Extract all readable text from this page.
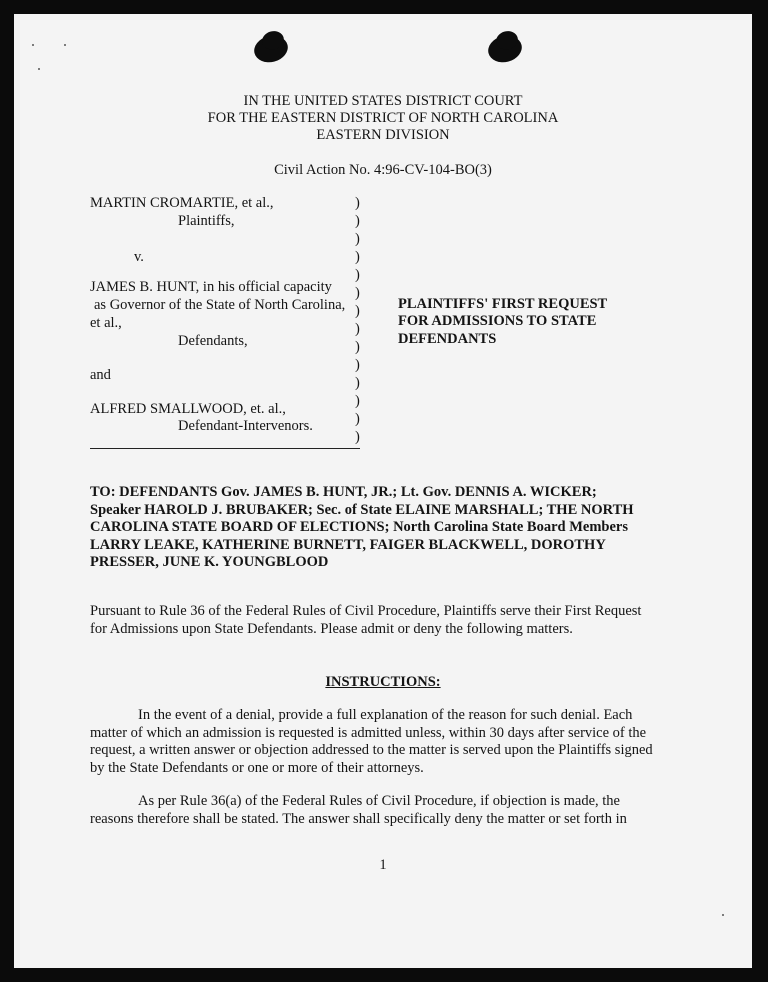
IN THE UNITED STATES DISTRICT COURT
FOR THE EASTERN DISTRICT OF NORTH CAROLINA
EASTERN DIVISION
Civil Action No. 4:96-CV-104-BO(3)
MARTIN CROMARTIE, et al.,
Plaintiffs,
v.
JAMES B. HUNT, in his official capacity
as Governor of the State of North Carolina,
et al.,
Defendants,
and
ALFRED SMALLWOOD, et. al.,
Defendant-Intervenors.
)
)
)
)
)
)
)
)
)
)
)
)
)
)
PLAINTIFFS' FIRST REQUEST
FOR ADMISSIONS TO STATE
DEFENDANTS
TO: DEFENDANTS Gov. JAMES B. HUNT, JR.; Lt. Gov. DENNIS A. WICKER;
Speaker HAROLD J. BRUBAKER; Sec. of State ELAINE MARSHALL; THE NORTH
CAROLINA STATE BOARD OF ELECTIONS; North Carolina State Board Members
LARRY LEAKE, KATHERINE BURNETT, FAIGER BLACKWELL, DOROTHY
PRESSER, JUNE K. YOUNGBLOOD
Pursuant to Rule 36 of the Federal Rules of Civil Procedure, Plaintiffs serve their First Request
for Admissions upon State Defendants. Please admit or deny the following matters.
INSTRUCTIONS:
In the event of a denial, provide a full explanation of the reason for such denial. Each
matter of which an admission is requested is admitted unless, within 30 days after service of the
request, a written answer or objection addressed to the matter is served upon the Plaintiffs signed
by the State Defendants or one or more of their attorneys.
As per Rule 36(a) of the Federal Rules of Civil Procedure, if objection is made, the
reasons therefore shall be stated. The answer shall specifically deny the matter or set forth in
1
